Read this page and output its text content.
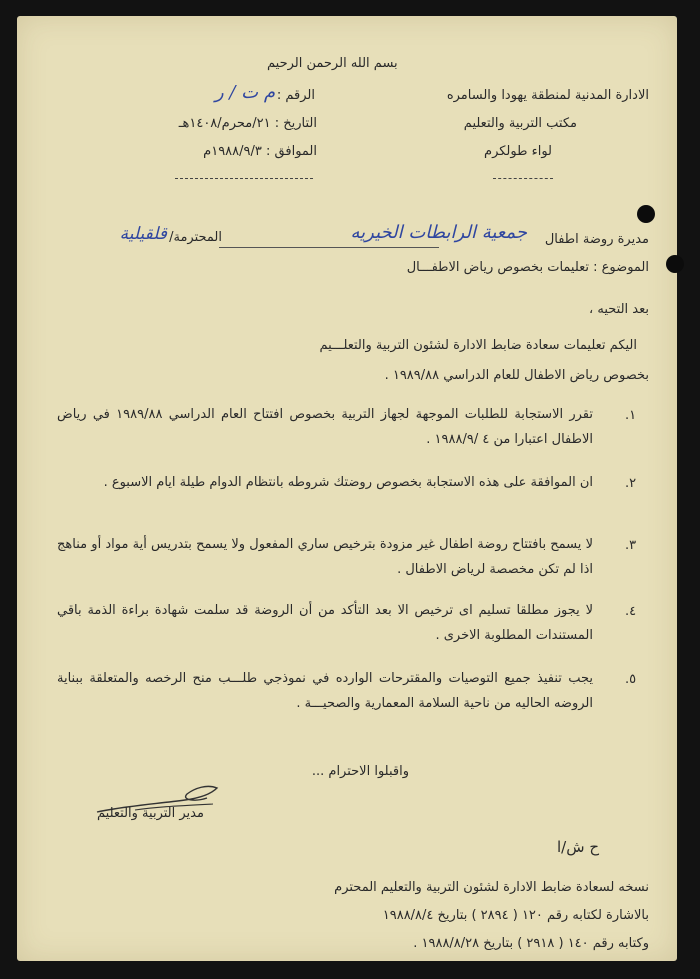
بسم الله الرحمن الرحيم
الادارة المدنية لمنطقة يهودا والسامره
مكتب التربية والتعليم
لواء طولكرم
الرقم :
م ت / ر
التاريخ : ٢١/محرم/١٤٠٨هـ
الموافق : ١٩٨٨/٩/٣م
مديرة روضة اطفال
جمعية الرابطات الخيريه
المحترمة/
قلقيلية
الموضوع : تعليمات بخصوص رياض الاطفـــال
بعد التحيه ،
اليكم تعليمات سعادة ضابط الادارة لشئون التربية والتعلـــيم
بخصوص رياض الاطفال للعام الدراسي ١٩٨٩/٨٨ .
.١
تقرر الاستجابة للطلبات الموجهة لجهاز التربية بخصوص افتتاح العام الدراسي ١٩٨٩/٨٨ في رياض الاطفال اعتبارا من ٤ /١٩٨٨/٩ .
.٢
ان الموافقة على هذه الاستجابة بخصوص روضتك شروطه بانتظام الدوام طيلة ايام الاسبوع .
.٣
لا يسمح بافتتاح روضة اطفال غير مزودة بترخيص ساري المفعول ولا يسمح بتدريس أية مواد أو مناهج اذا لم تكن مخصصة لرياض الاطفال .
.٤
لا يجوز مطلقا تسليم اى ترخيص الا بعد التأكد من أن الروضة قد سلمت شهادة براءة الذمة باقي المستندات المطلوبة الاخرى .
.٥
يجب تنفيذ جميع التوصيات والمقترحات الوارده في نموذجي طلـــب منح الرخصه والمتعلقة ببناية الروضه الحاليه من ناحية السلامة المعمارية والصحيـــة .
واقبلوا الاحترام ...
مدير التربية والتعليم
ح ش/ا
نسخه لسعادة ضابط الادارة لشئون التربية والتعليم المحترم
بالاشارة لكتابه رقم ١٢٠ ( ٢٨٩٤ ) بتاريخ ١٩٨٨/٨/٤
وكتابه رقم ١٤٠ ( ٢٩١٨ ) بتاريخ ١٩٨٨/٨/٢٨ .
